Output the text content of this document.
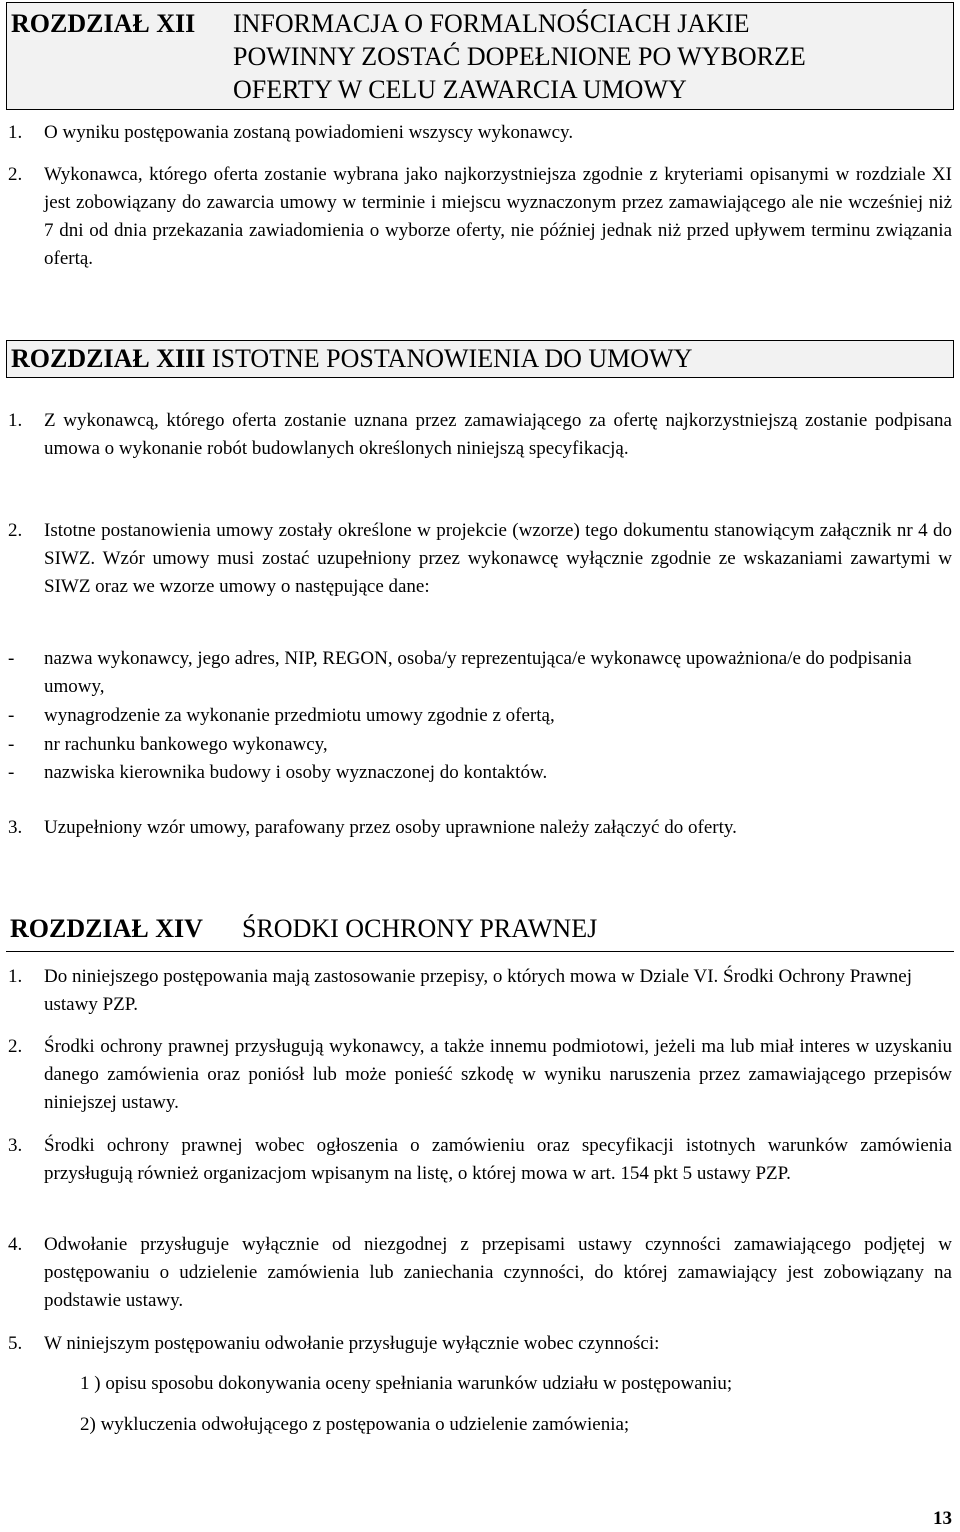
ROZDZIAŁ XII INFORMACJA O FORMALNOŚCIACH JAKIE
POWINNY ZOSTAĆ DOPEŁNIONE PO WYBORZE
OFERTY W CELU ZAWARCIA UMOWY
1. O wyniku postępowania zostaną powiadomieni wszyscy wykonawcy.
2. Wykonawca, którego oferta zostanie wybrana jako najkorzystniejsza zgodnie z kryteriami opisanymi w rozdziale XI jest zobowiązany do zawarcia umowy w terminie i miejscu wyznaczonym przez zamawiającego ale nie wcześniej niż 7 dni od dnia przekazania zawiadomienia o wyborze oferty, nie później jednak niż przed upływem terminu związania ofertą.
ROZDZIAŁ XIII ISTOTNE POSTANOWIENIA DO UMOWY
1. Z wykonawcą, którego oferta zostanie uznana przez zamawiającego za ofertę najkorzystniejszą zostanie podpisana umowa o wykonanie robót budowlanych określonych niniejszą specyfikacją.
2. Istotne postanowienia umowy zostały określone w projekcie (wzorze) tego dokumentu stanowiącym załącznik nr 4 do SIWZ. Wzór umowy musi zostać uzupełniony przez wykonawcę wyłącznie zgodnie ze wskazaniami zawartymi w SIWZ oraz we wzorze umowy o następujące dane:
- nazwa wykonawcy, jego adres, NIP, REGON, osoba/y reprezentująca/e wykonawcę upoważniona/e do podpisania umowy,
- wynagrodzenie za wykonanie przedmiotu umowy zgodnie z ofertą,
- nr rachunku bankowego wykonawcy,
- nazwiska kierownika budowy i osoby wyznaczonej do kontaktów.
3. Uzupełniony wzór umowy, parafowany przez osoby uprawnione należy załączyć do oferty.
ROZDZIAŁ XIV ŚRODKI OCHRONY PRAWNEJ
1. Do niniejszego postępowania mają zastosowanie przepisy, o których mowa w Dziale VI. Środki Ochrony Prawnej ustawy PZP.
2. Środki ochrony prawnej przysługują wykonawcy, a także innemu podmiotowi, jeżeli ma lub miał interes w uzyskaniu danego zamówienia oraz poniósł lub może ponieść szkodę w wyniku naruszenia przez zamawiającego przepisów niniejszej ustawy.
3. Środki ochrony prawnej wobec ogłoszenia o zamówieniu oraz specyfikacji istotnych warunków zamówienia przysługują również organizacjom wpisanym na listę, o której mowa w art. 154 pkt 5 ustawy PZP.
4. Odwołanie przysługuje wyłącznie od niezgodnej z przepisami ustawy czynności zamawiającego podjętej w postępowaniu o udzielenie zamówienia lub zaniechania czynności, do której zamawiający jest zobowiązany na podstawie ustawy.
5. W niniejszym postępowaniu odwołanie przysługuje wyłącznie wobec czynności:
1 ) opisu sposobu dokonywania oceny spełniania warunków udziału w postępowaniu;
2) wykluczenia odwołującego z postępowania o udzielenie zamówienia;
13
